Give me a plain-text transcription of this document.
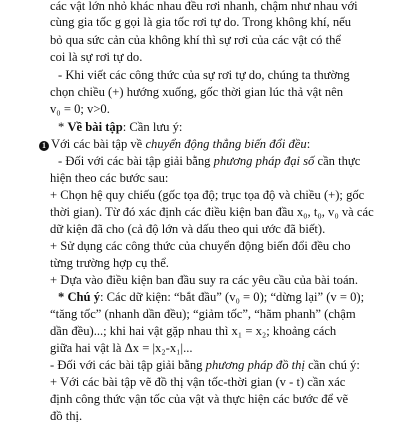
các vật lớn nhỏ khác nhau đều rơi nhanh, chậm như nhau với
cùng gia tốc g gọi là gia tốc rơi tự do. Trong không khí, nếu
bỏ qua sức cản của không khí thì sự rơi của các vật có thể
coi là sự rơi tự do.
- Khi viết các công thức của sự rơi tự do, chúng ta thường
chọn chiều (+) hướng xuống, gốc thời gian lúc thả vật nên
v₀ = 0; v>0.
* Về bài tập: Cần lưu ý:
1 Với các bài tập về chuyển động thẳng biến đổi đều:
- Đối với các bài tập giải bằng phương pháp đại số cần thực
hiện theo các bước sau:
+ Chọn hệ quy chiếu (gốc tọa độ; trục tọa độ và chiều (+); gốc
thời gian). Từ đó xác định các điều kiện ban đầu x₀, t₀, v₀ và các
dữ kiện đã cho (cả độ lớn và dấu theo qui ước đã biết).
+ Sử dụng các công thức của chuyển động biến đổi đều cho
từng trường hợp cụ thể.
+ Dựa vào điều kiện ban đầu suy ra các yêu cầu của bài toán.
* Chú ý: Các dữ kiện: “bắt đầu” (v₀ = 0); “dừng lại” (v = 0);
“tăng tốc” (nhanh dần đều); “giảm tốc”, “hãm phanh” (chậm
dần đều)...; khi hai vật gặp nhau thì x₁ = x₂; khoảng cách
giữa hai vật là Δx = |x₂-x₁|...
- Đối với các bài tập giải bằng phương pháp đồ thị cần chú ý:
+ Với các bài tập vẽ đồ thị vận tốc-thời gian (v - t) cần xác
định công thức vận tốc của vật và thực hiện các bước để vẽ
đồ thị.
